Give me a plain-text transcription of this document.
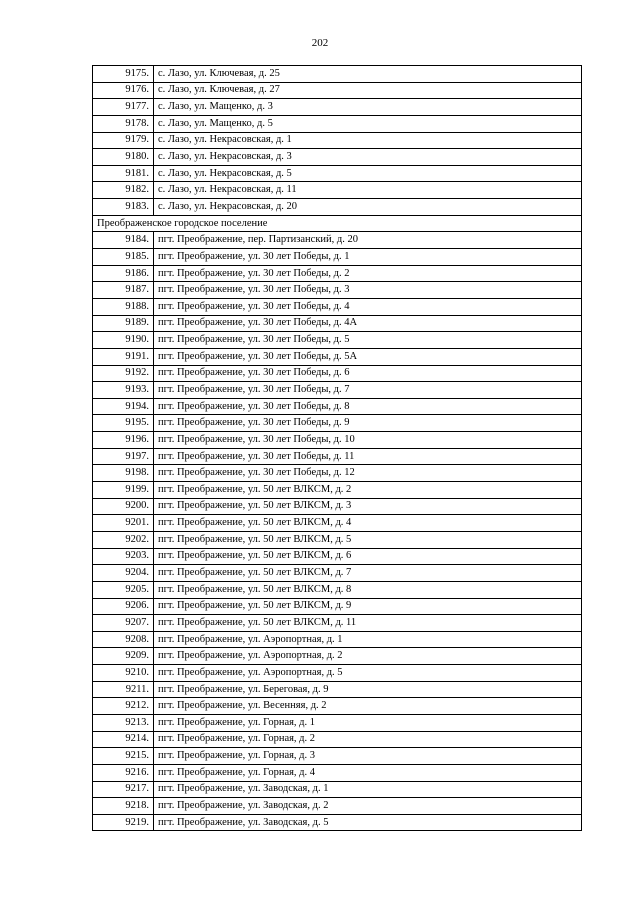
202
9175.	с. Лазо, ул. Ключевая, д. 25
9176.	с. Лазо, ул. Ключевая, д. 27
9177.	с. Лазо, ул. Мащенко, д. 3
9178.	с. Лазо, ул. Мащенко, д. 5
9179.	с. Лазо, ул. Некрасовская, д. 1
9180.	с. Лазо, ул. Некрасовская, д. 3
9181.	с. Лазо, ул. Некрасовская, д. 5
9182.	с. Лазо, ул. Некрасовская, д. 11
9183.	с. Лазо, ул. Некрасовская, д. 20
Преображенское городское поселение	
9184.	пгт. Преображение, пер. Партизанский, д. 20
9185.	пгт. Преображение, ул. 30 лет Победы, д. 1
9186.	пгт. Преображение, ул. 30 лет Победы, д. 2
9187.	пгт. Преображение, ул. 30 лет Победы, д. 3
9188.	пгт. Преображение, ул. 30 лет Победы, д. 4
9189.	пгт. Преображение, ул. 30 лет Победы, д. 4А
9190.	пгт. Преображение, ул. 30 лет Победы, д. 5
9191.	пгт. Преображение, ул. 30 лет Победы, д. 5А
9192.	пгт. Преображение, ул. 30 лет Победы, д. 6
9193.	пгт. Преображение, ул. 30 лет Победы, д. 7
9194.	пгт. Преображение, ул. 30 лет Победы, д. 8
9195.	пгт. Преображение, ул. 30 лет Победы, д. 9
9196.	пгт. Преображение, ул. 30 лет Победы, д. 10
9197.	пгт. Преображение, ул. 30 лет Победы, д. 11
9198.	пгт. Преображение, ул. 30 лет Победы, д. 12
9199.	пгт. Преображение, ул. 50 лет ВЛКСМ, д. 2
9200.	пгт. Преображение, ул. 50 лет ВЛКСМ, д. 3
9201.	пгт. Преображение, ул. 50 лет ВЛКСМ, д. 4
9202.	пгт. Преображение, ул. 50 лет ВЛКСМ, д. 5
9203.	пгт. Преображение, ул. 50 лет ВЛКСМ, д. 6
9204.	пгт. Преображение, ул. 50 лет ВЛКСМ, д. 7
9205.	пгт. Преображение, ул. 50 лет ВЛКСМ, д. 8
9206.	пгт. Преображение, ул. 50 лет ВЛКСМ, д. 9
9207.	пгт. Преображение, ул. 50 лет ВЛКСМ, д. 11
9208.	пгт. Преображение, ул. Аэропортная, д. 1
9209.	пгт. Преображение, ул. Аэропортная, д. 2
9210.	пгт. Преображение, ул. Аэропортная, д. 5
9211.	пгт. Преображение, ул. Береговая, д. 9
9212.	пгт. Преображение, ул. Весенняя, д. 2
9213.	пгт. Преображение, ул. Горная, д. 1
9214.	пгт. Преображение, ул. Горная, д. 2
9215.	пгт. Преображение, ул. Горная, д. 3
9216.	пгт. Преображение, ул. Горная, д. 4
9217.	пгт. Преображение, ул. Заводская, д. 1
9218.	пгт. Преображение, ул. Заводская, д. 2
9219.	пгт. Преображение, ул. Заводская, д. 5
